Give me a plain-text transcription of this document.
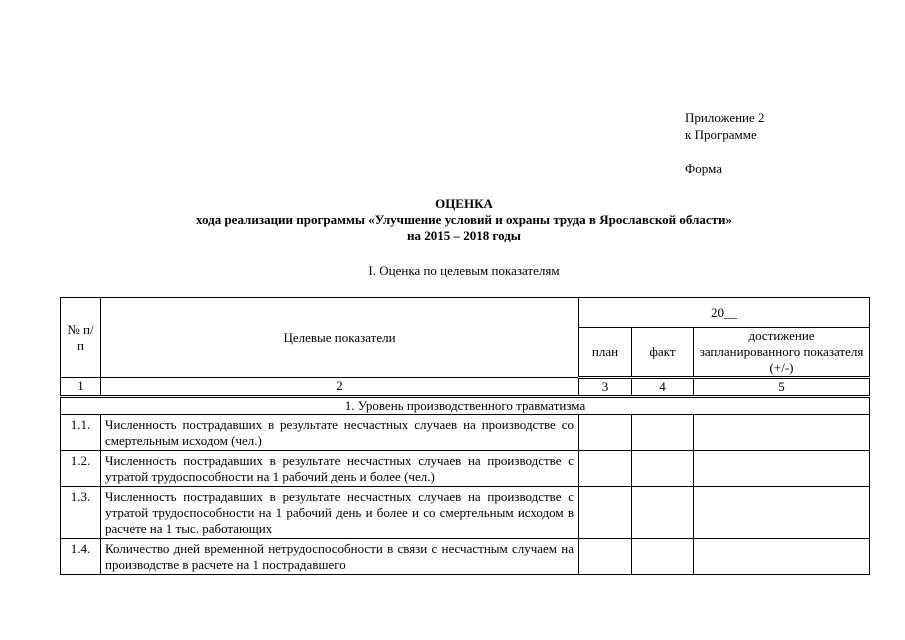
Приложение 2
к Программе
Форма
ОЦЕНКА
хода реализации программы «Улучшение условий и охраны труда в Ярославской области»
на 2015 – 2018 годы
I. Оценка по целевым показателям
№ п/п	Целевые показатели	20__		
		план	факт	достижение запланированного показателя (+/-)
1	2	3	4	5
1. Уровень производственного травматизма				
1.1.	Численность пострадавших в результате несчастных случаев на производстве со смертельным исходом (чел.)			
1.2.	Численность пострадавших в результате несчастных случаев на производстве с утратой трудоспособности на 1 рабочий день и более (чел.)			
1.3.	Численность пострадавших в результате несчастных случаев на производстве с утратой трудоспособности на 1 рабочий день и более и со смертельным исходом в расчете на 1 тыс. работающих			
1.4.	Количество дней временной нетрудоспособности в связи с несчастным случаем на производстве в расчете на 1 пострадавшего			
